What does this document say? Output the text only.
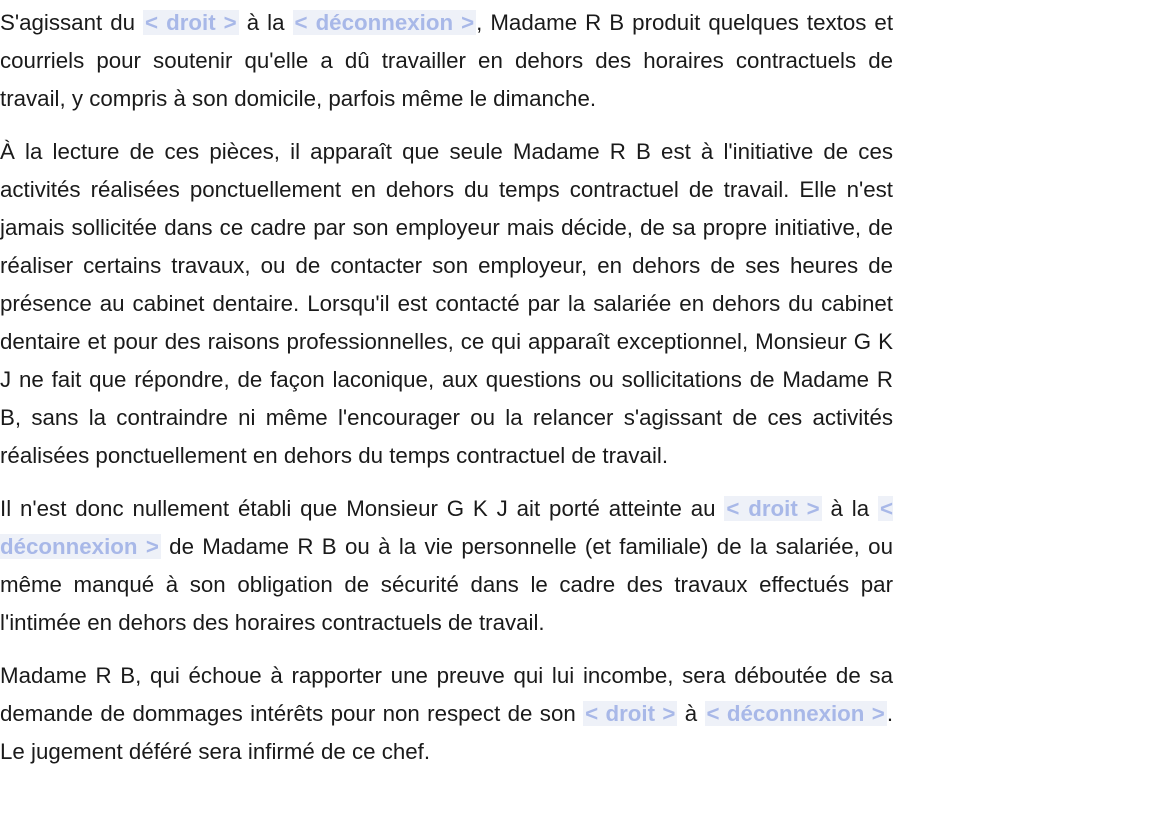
S'agissant du < droit > à la < déconnexion >, Madame R B produit quelques textos et courriels pour soutenir qu'elle a dû travailler en dehors des horaires contractuels de travail, y compris à son domicile, parfois même le dimanche.

À la lecture de ces pièces, il apparaît que seule Madame R B est à l'initiative de ces activités réalisées ponctuellement en dehors du temps contractuel de travail. Elle n'est jamais sollicitée dans ce cadre par son employeur mais décide, de sa propre initiative, de réaliser certains travaux, ou de contacter son employeur, en dehors de ses heures de présence au cabinet dentaire. Lorsqu'il est contacté par la salariée en dehors du cabinet dentaire et pour des raisons professionnelles, ce qui apparaît exceptionnel, Monsieur G K J ne fait que répondre, de façon laconique, aux questions ou sollicitations de Madame R B, sans la contraindre ni même l'encourager ou la relancer s'agissant de ces activités réalisées ponctuellement en dehors du temps contractuel de travail.

Il n'est donc nullement établi que Monsieur G K J ait porté atteinte au < droit > à la < déconnexion > de Madame R B ou à la vie personnelle (et familiale) de la salariée, ou même manqué à son obligation de sécurité dans le cadre des travaux effectués par l'intimée en dehors des horaires contractuels de travail.

Madame R B, qui échoue à rapporter une preuve qui lui incombe, sera déboutée de sa demande de dommages intérêts pour non respect de son < droit > à < déconnexion >. Le jugement déféré sera infirmé de ce chef.
